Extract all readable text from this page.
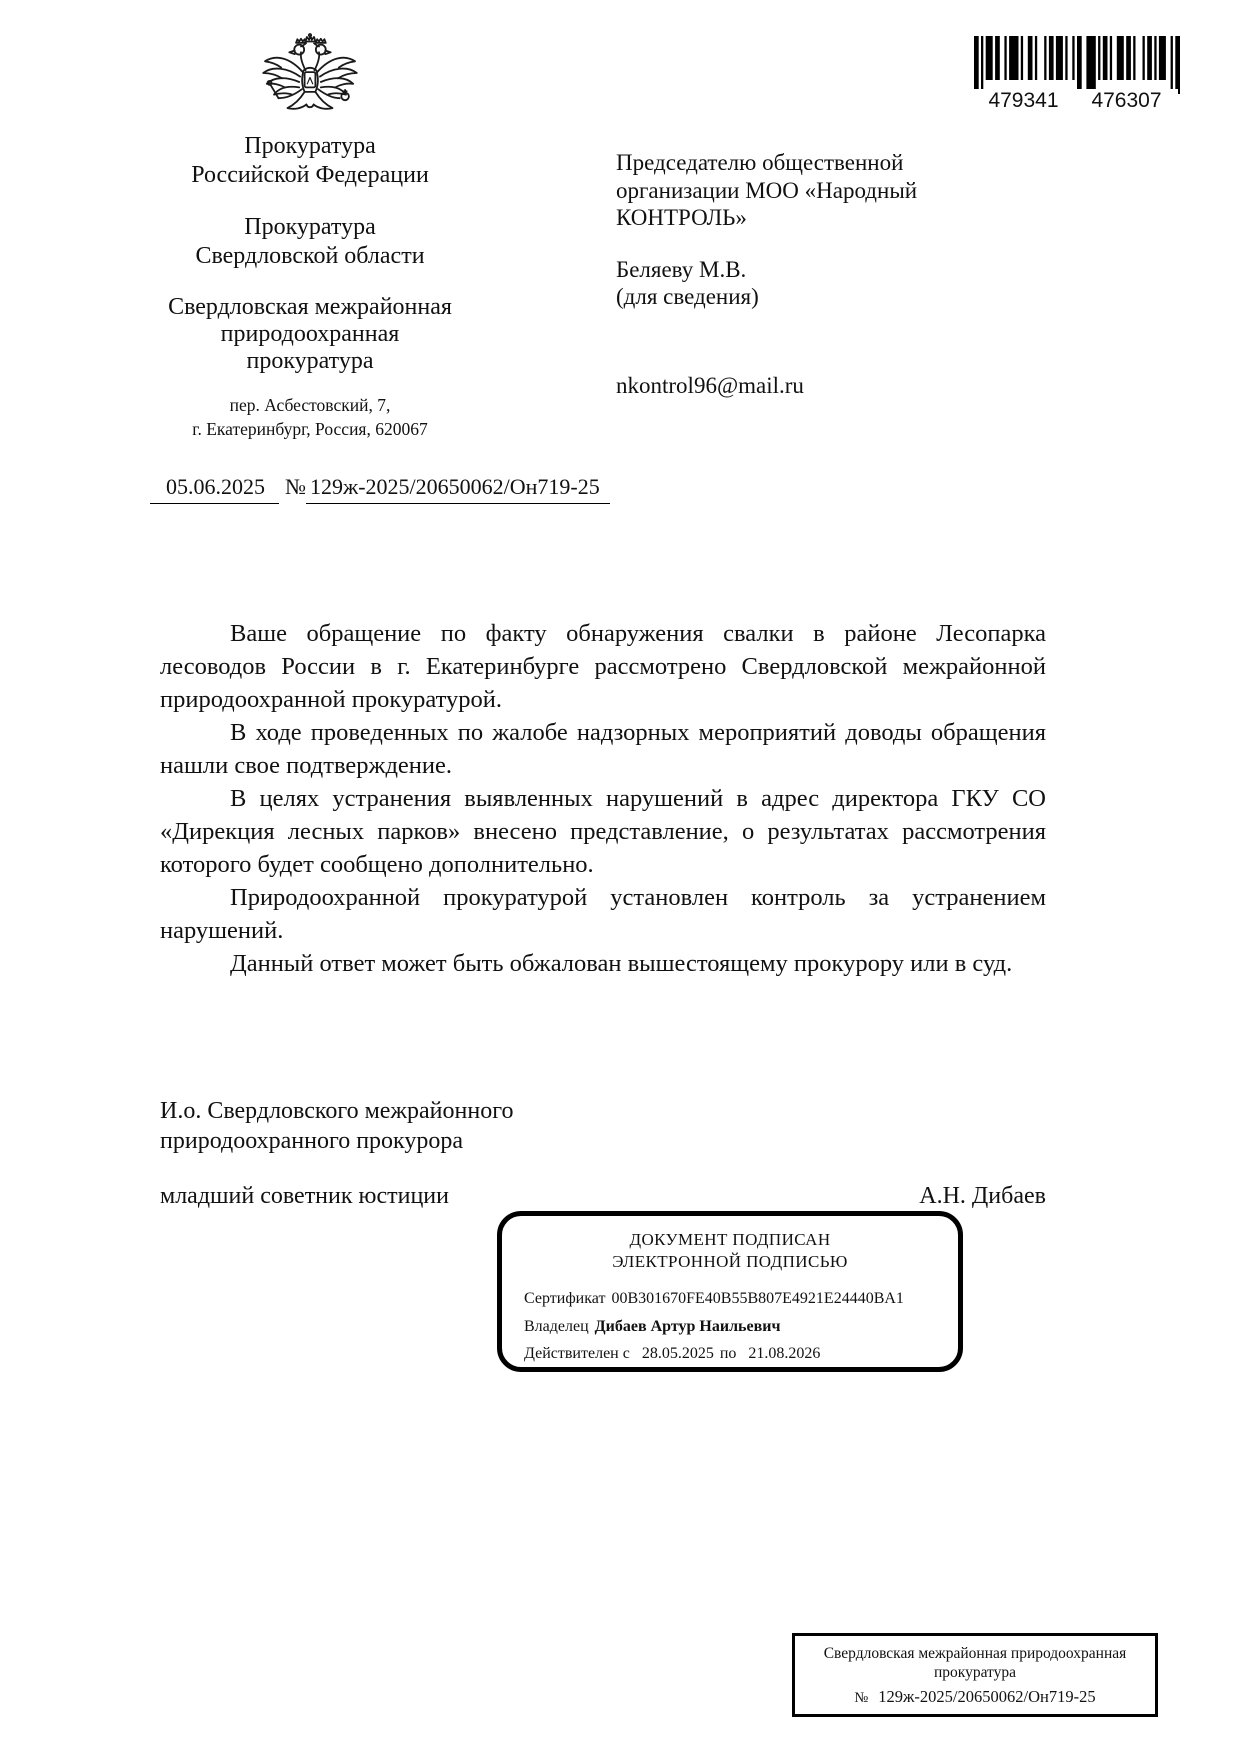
479341	476307
Прокуратура
Российской Федерации
Прокуратура
Свердловской области
Свердловская межрайонная
природоохранная
прокуратура
пер. Асбестовский, 7,
г. Екатеринбург, Россия, 620067
05.06.2025 № 129ж-2025/20650062/Он719-25
Председателю общественной
организации МОО «Народный
КОНТРОЛЬ»
Беляеву М.В.
(для сведения)
nkontrol96@mail.ru

Ваше обращение по факту обнаружения свалки в районе Лесопарка лесоводов России в г. Екатеринбурге рассмотрено Свердловской межрайонной природоохранной прокуратурой.

В ходе проведенных по жалобе надзорных мероприятий доводы обращения нашли свое подтверждение.

В целях устранения выявленных нарушений в адрес директора ГКУ СО «Дирекция лесных парков» внесено представление, о результатах рассмотрения которого будет сообщено дополнительно.

Природоохранной прокуратурой установлен контроль за устранением нарушений.

Данный ответ может быть обжалован вышестоящему прокурору или в суд.

И.о. Свердловского межрайонного
природоохранного прокурора
младший советник юстиции	А.Н. Дибаев
ДОКУМЕНТ ПОДПИСАН
ЭЛЕКТРОННОЙ ПОДПИСЬЮ
Сертификат 00B301670FE40B55B807E4921E24440BA1
Владелец Дибаев Артур Наильевич
Действителен с 28.05.2025 по 21.08.2026
Свердловская межрайонная природоохранная
прокуратура
№ 129ж-2025/20650062/Он719-25
